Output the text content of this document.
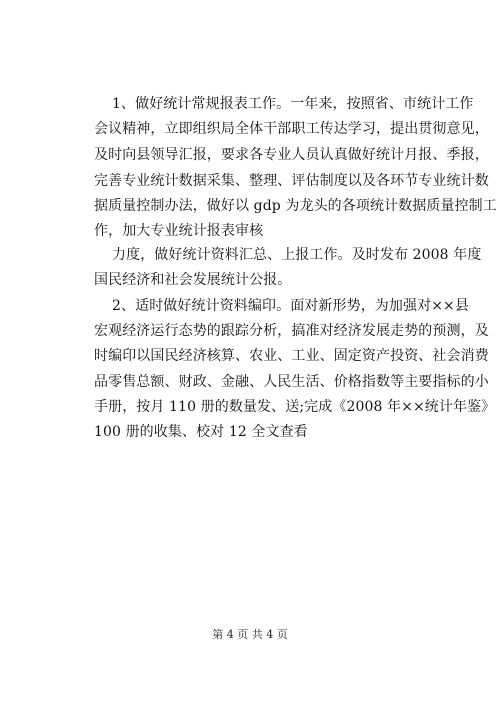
1、做好统计常规报表工作。一年来，按照省、市统计工作
会议精神，立即组织局全体干部职工传达学习，提出贯彻意见，
及时向县领导汇报，要求各专业人员认真做好统计月报、季报，
完善专业统计数据采集、整理、评估制度以及各环节专业统计数
据质量控制办法，做好以 gdp 为龙头的各项统计数据质量控制工
作，加大专业统计报表审核
力度，做好统计资料汇总、上报工作。及时发布 2008 年度
国民经济和社会发展统计公报。
2、适时做好统计资料编印。面对新形势，为加强对××县
宏观经济运行态势的跟踪分析，搞准对经济发展走势的预测，及
时编印以国民经济核算、农业、工业、固定资产投资、社会消费
品零售总额、财政、金融、人民生活、价格指数等主要指标的小
手册，按月 110 册的数量发、送;完成《2008 年××统计年鉴》
100 册的收集、校对 12 全文查看
第 4 页 共 4 页
